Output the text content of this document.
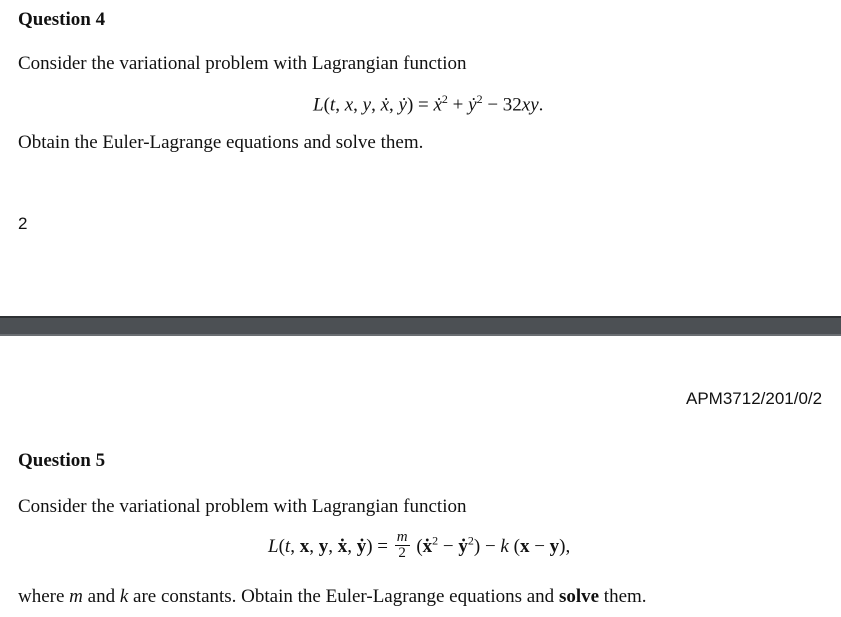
Question 4
Consider the variational problem with Lagrangian function
L(t, x, y, ẋ, ẏ) = ẋ$^2$ + ẏ$^2$ − 32xy.
Obtain the Euler-Lagrange equations and solve them.
2
APM3712/201/0/2
Question 5
Consider the variational problem with Lagrangian function
L(t, x, y, ẋ, ẏ) = $\frac{m}{2}$ (ẋ$^2$ − ẏ$^2$) − k (x − y),
where m and k are constants. Obtain the Euler-Lagrange equations and solve them.
